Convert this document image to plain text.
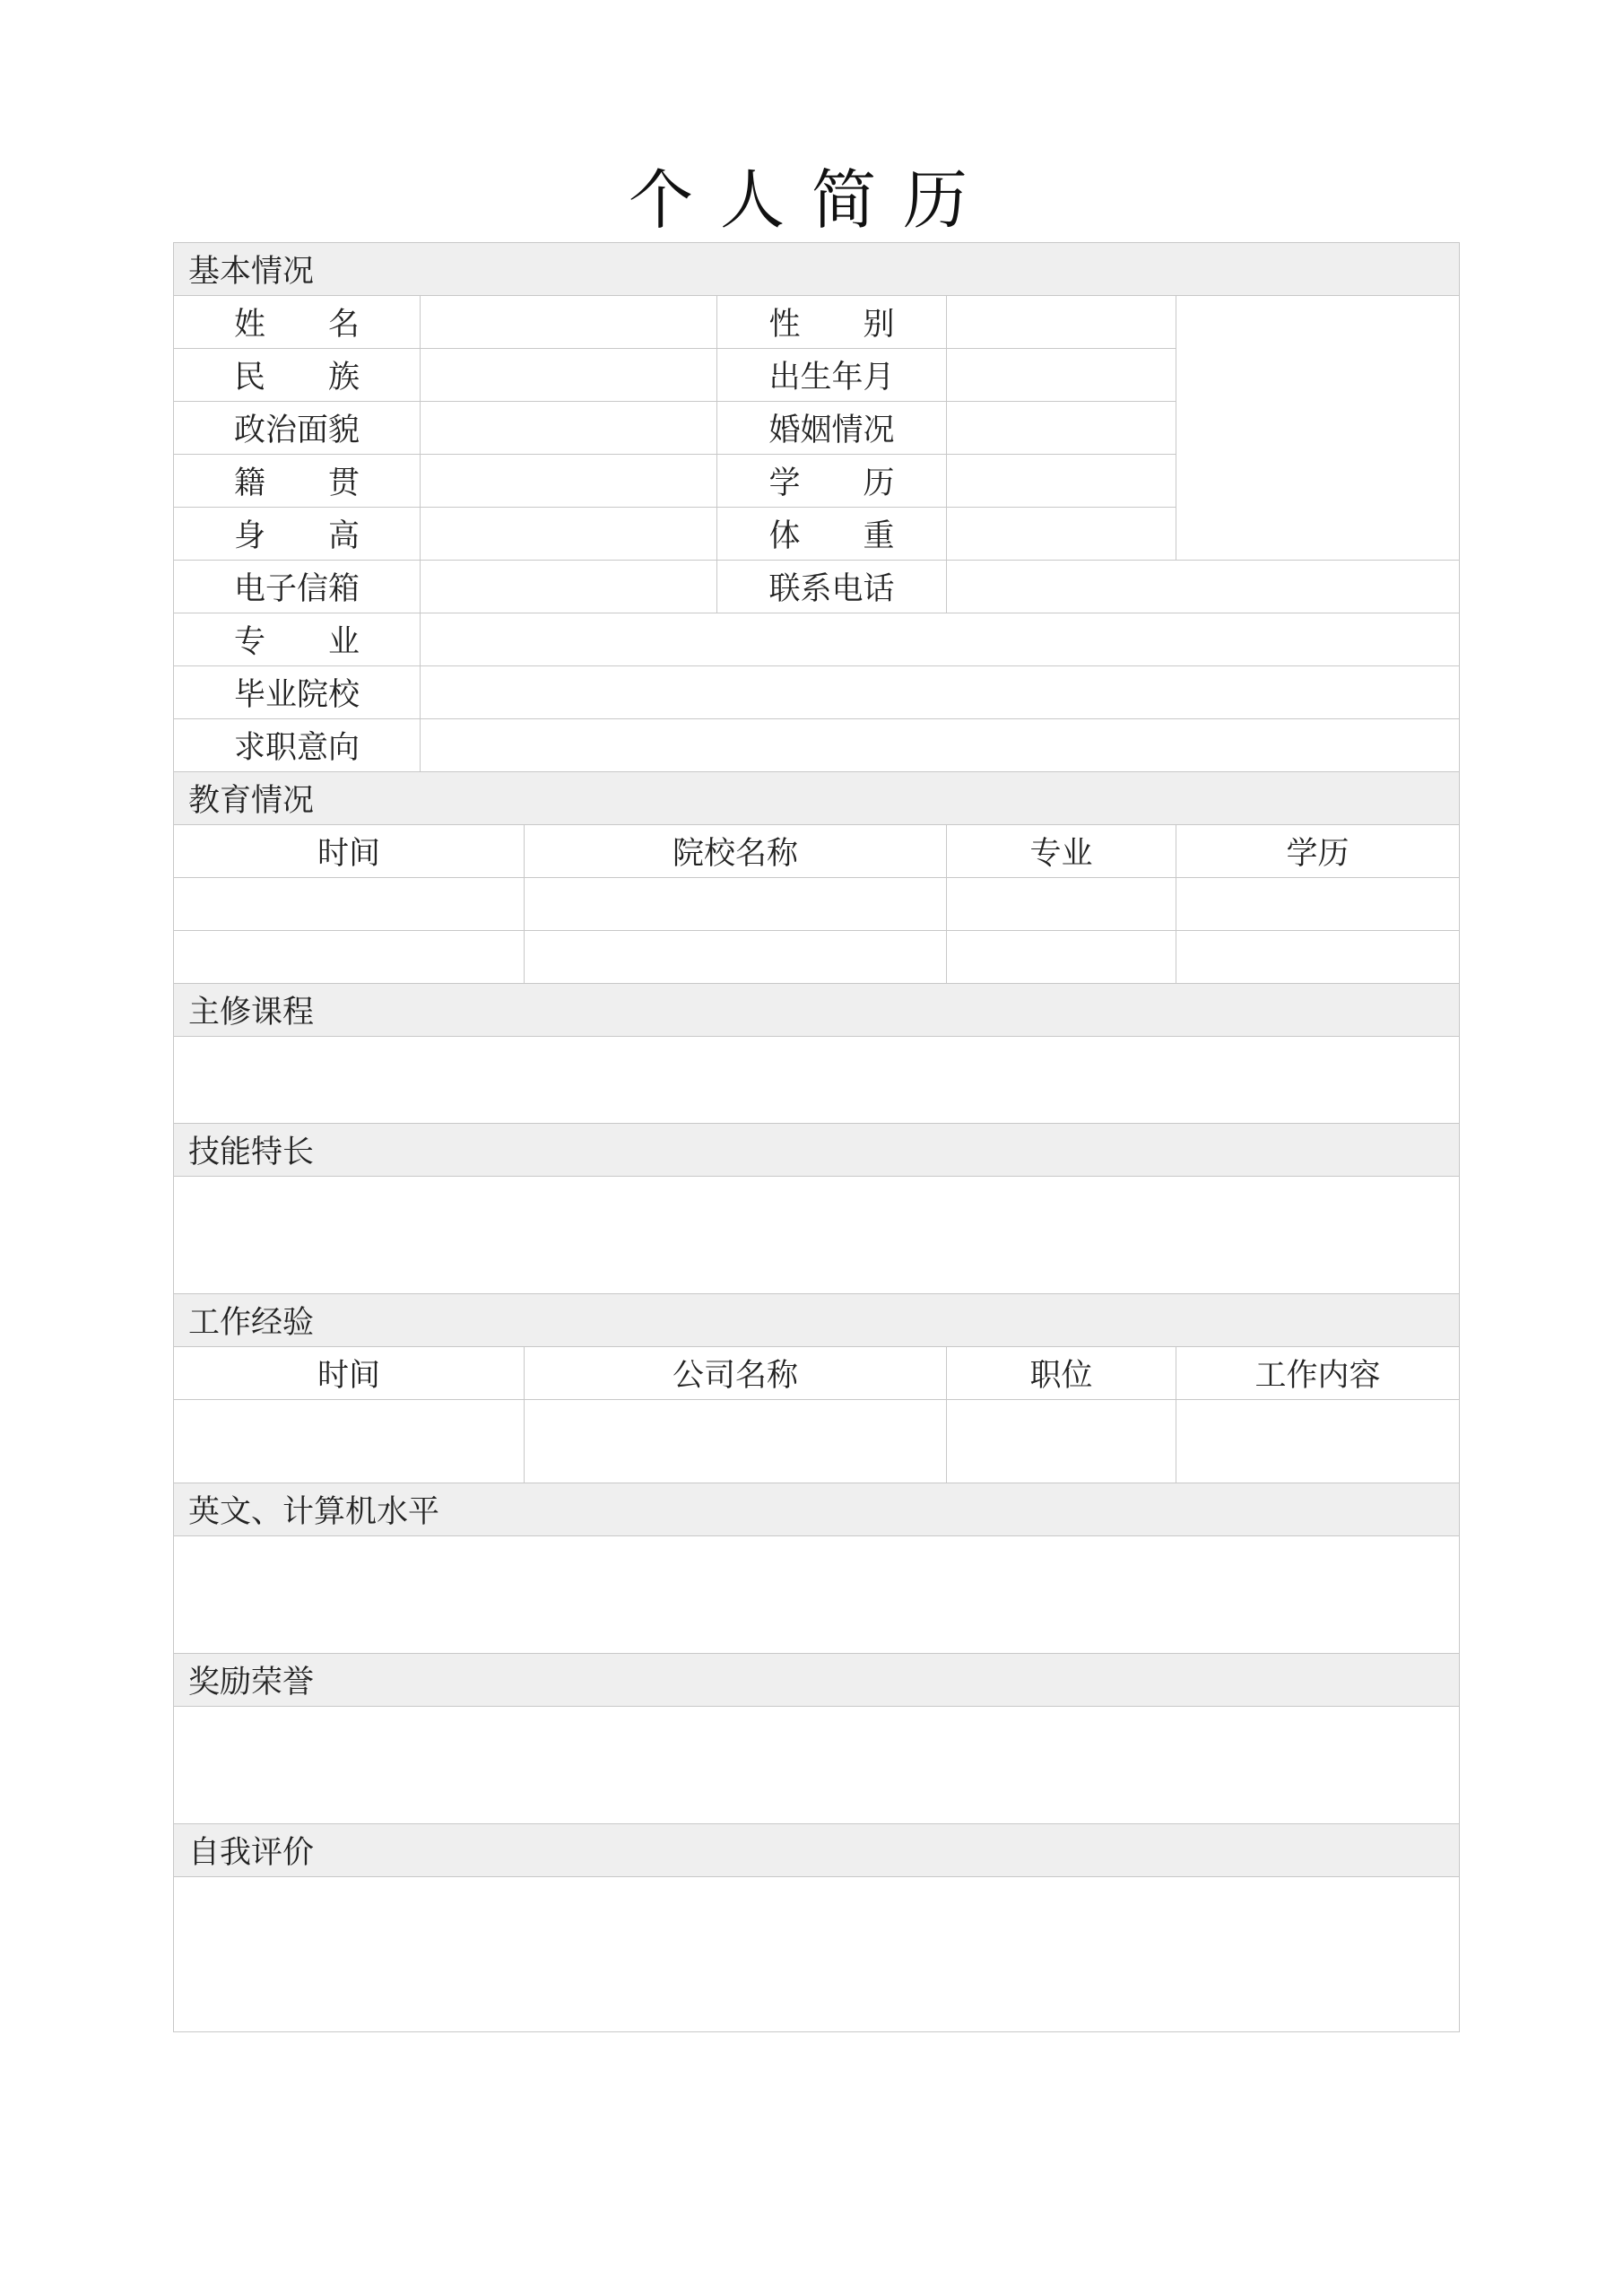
个人简历
基本情况					
姓名			性别		
民族			出生年月		
政治面貌			婚姻情况		
籍贯			学历		
身高			体重		
电子信箱			联系电话		
专业					
毕业院校					
求职意向					
教育情况					
时间		院校名称		专业	学历

主修课程					

技能特长					

工作经验					
时间		公司名称		职位	工作内容

英文、计算机水平					

奖励荣誉					

自我评价					
